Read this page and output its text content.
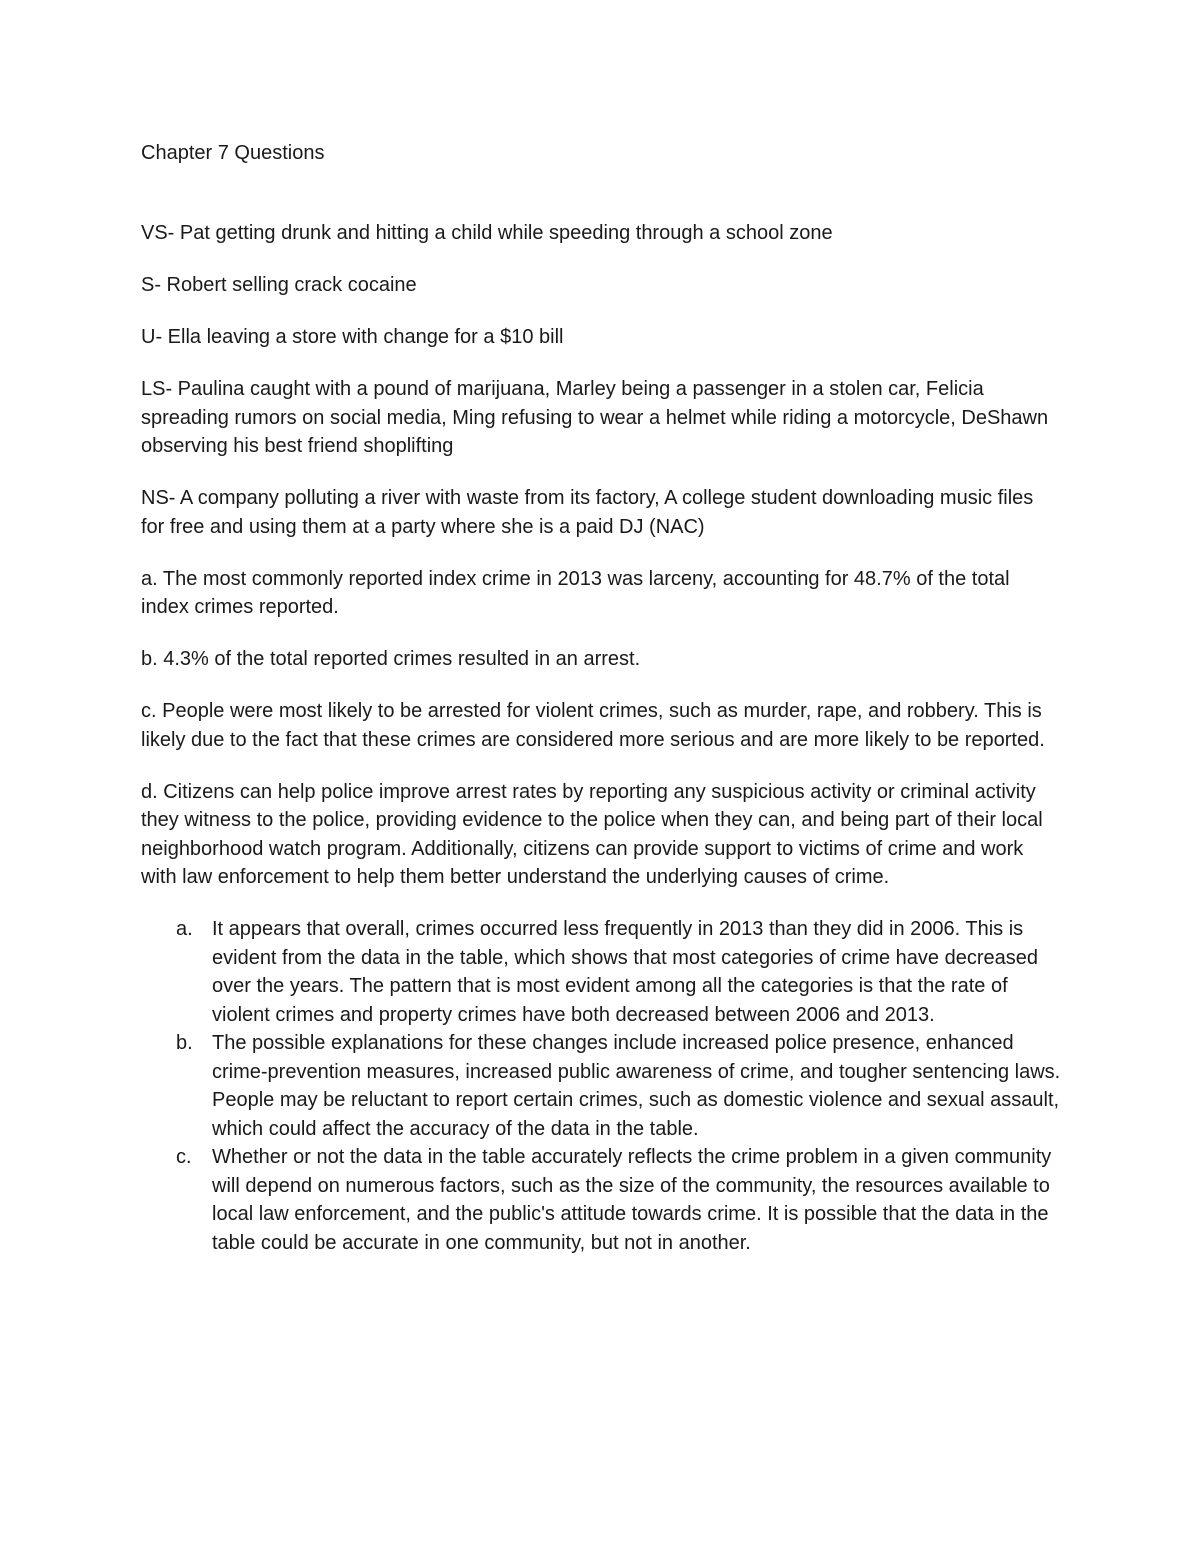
Chapter 7 Questions

VS- Pat getting drunk and hitting a child while speeding through a school zone

S- Robert selling crack cocaine

U- Ella leaving a store with change for a $10 bill

LS- Paulina caught with a pound of marijuana, Marley being a passenger in a stolen car, Felicia spreading rumors on social media, Ming refusing to wear a helmet while riding a motorcycle, DeShawn observing his best friend shoplifting

NS- A company polluting a river with waste from its factory, A college student downloading music files for free and using them at a party where she is a paid DJ (NAC)

a. The most commonly reported index crime in 2013 was larceny, accounting for 48.7% of the total index crimes reported.

b. 4.3% of the total reported crimes resulted in an arrest.

c. People were most likely to be arrested for violent crimes, such as murder, rape, and robbery. This is likely due to the fact that these crimes are considered more serious and are more likely to be reported.

d. Citizens can help police improve arrest rates by reporting any suspicious activity or criminal activity they witness to the police, providing evidence to the police when they can, and being part of their local neighborhood watch program. Additionally, citizens can provide support to victims of crime and work with law enforcement to help them better understand the underlying causes of crime.

a. It appears that overall, crimes occurred less frequently in 2013 than they did in 2006. This is evident from the data in the table, which shows that most categories of crime have decreased over the years. The pattern that is most evident among all the categories is that the rate of violent crimes and property crimes have both decreased between 2006 and 2013.
b. The possible explanations for these changes include increased police presence, enhanced crime-prevention measures, increased public awareness of crime, and tougher sentencing laws. People may be reluctant to report certain crimes, such as domestic violence and sexual assault, which could affect the accuracy of the data in the table.
c. Whether or not the data in the table accurately reflects the crime problem in a given community will depend on numerous factors, such as the size of the community, the resources available to local law enforcement, and the public's attitude towards crime. It is possible that the data in the table could be accurate in one community, but not in another.
